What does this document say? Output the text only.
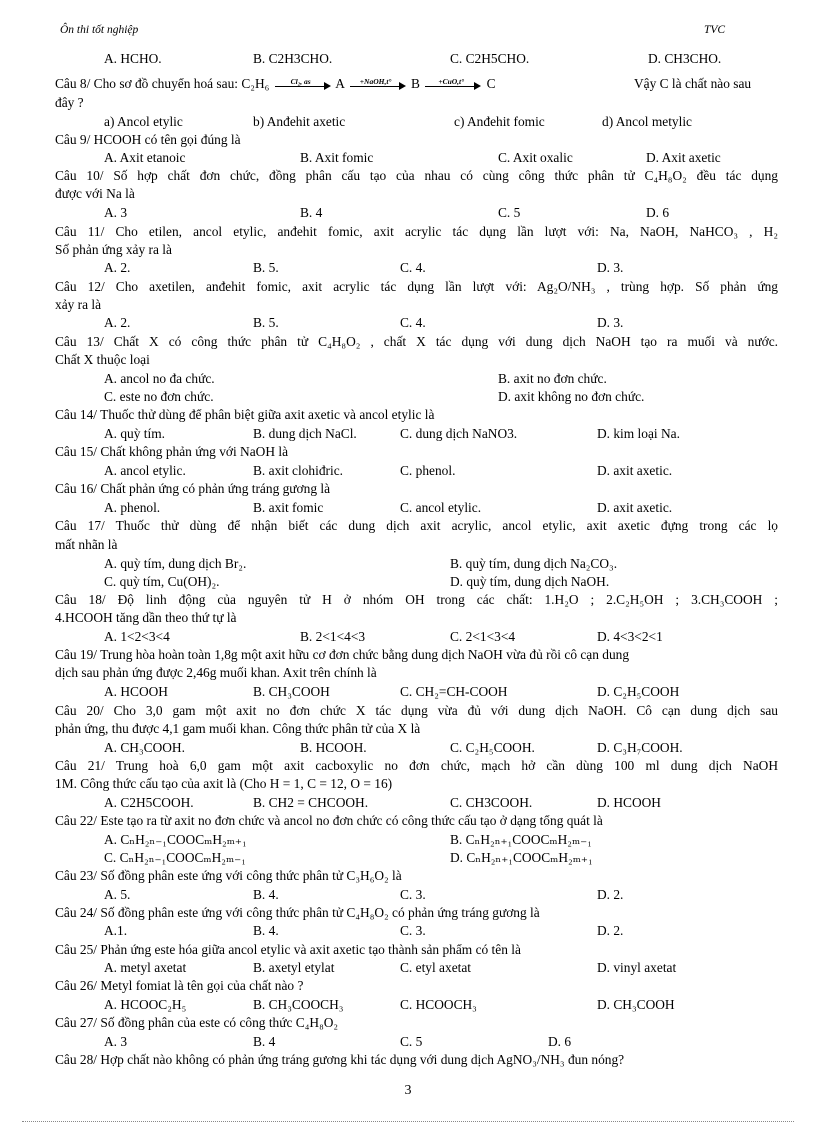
Ôn thi tốt nghiệp	TVC
A. HCHO.	B. C2H3CHO.	C. C2H5CHO.	D. CH3CHO.
Câu 8/ Cho sơ đồ chuyển hoá sau: C₂H₆	Cl₂, as	A	+NaOH,t°	B	+CuO,t°	C	Vậy C là chất nào sau
đây ?
a) Ancol etylic	b) Anđehit axetic	c) Anđehit fomic	d) Ancol metylic
Câu 9/ HCOOH có tên gọi đúng là
A. Axit etanoic	B. Axit fomic	C. Axit oxalic	D. Axit axetic
Câu 10/ Số hợp chất đơn chức, đồng phân cấu tạo của nhau có cùng công thức phân tử C₄H₈O₂ đều tác dụng
được với Na là
A. 3	B. 4	C. 5	D. 6
Câu 11/ Cho etilen, ancol etylic, anđehit fomic, axit acrylic tác dụng lần lượt với: Na, NaOH, NaHCO₃ , H₂
Số phản ứng xảy ra là
A. 2.	B. 5.	C. 4.	D. 3.
Câu 12/ Cho axetilen, anđehit fomic, axit acrylic tác dụng lần lượt với: Ag₂O/NH₃ , trùng hợp. Số phản ứng
xảy ra là
A. 2.	B. 5.	C. 4.	D. 3.
Câu 13/ Chất X có công thức phân tử C₄H₈O₂ , chất X tác dụng với dung dịch NaOH tạo ra muối và nước.
Chất X thuộc loại
A. ancol no đa chức.	B. axit no đơn chức.
C. este no đơn chức.	D. axit không no đơn chức.
Câu 14/ Thuốc thử dùng để phân biệt giữa axit axetic và ancol etylic là
A. quỳ tím.	B. dung dịch NaCl.	C. dung dịch NaNO3.	D. kim loại Na.
Câu 15/ Chất không phản ứng với NaOH là
A. ancol etylic.	B. axit clohiđric.	C. phenol.	D. axit axetic.
Câu 16/ Chất phản ứng có phản ứng tráng gương là
A. phenol.	B. axit fomic	C. ancol etylic.	D. axit axetic.
Câu 17/ Thuốc thử dùng để nhận biết các dung dịch axit acrylic, ancol etylic, axit axetic đựng trong các lọ
mất nhãn là
A. quỳ tím, dung dịch Br₂.	B. quỳ tím, dung dịch Na₂CO₃.
C. quỳ tím, Cu(OH)₂.	D. quỳ tím, dung dịch NaOH.
Câu 18/ Độ linh động của nguyên tử H ở nhóm OH trong các chất: 1.H₂O ; 2.C₂H₅OH ; 3.CH₃COOH ;
4.HCOOH tăng dần theo thứ tự là
A. 1<2<3<4	B. 2<1<4<3	C. 2<1<3<4	D. 4<3<2<1
Câu 19/ Trung hòa hoàn toàn 1,8g một axit hữu cơ đơn chức bằng dung dịch NaOH vừa đủ rồi cô cạn dung
dịch sau phản ứng được 2,46g muối khan. Axit trên chính là
A. HCOOH	B. CH₃COOH	C. CH₂=CH-COOH	D. C₂H₅COOH
Câu 20/ Cho 3,0 gam một axit no đơn chức X tác dụng vừa đủ với dung dịch NaOH. Cô cạn dung dịch sau
phản ứng, thu được 4,1 gam muối khan. Công thức phân tử của X là
A. CH₃COOH.	B. HCOOH.	C. C₂H₅COOH.	D. C₃H₇COOH.
Câu 21/ Trung hoà 6,0 gam một axit cacboxylic no đơn chức, mạch hở cần dùng 100 ml dung dịch NaOH
1M. Công thức cấu tạo của axit là (Cho H = 1, C = 12, O = 16)
A. C2H5COOH.	B. CH2 = CHCOOH.	C. CH3COOH.	D. HCOOH
Câu 22/ Este tạo ra từ axit no đơn chức và ancol no đơn chức có công thức cấu tạo ở dạng tổng quát là
A. CₙH₂ₙ₋₁COOCₘH₂ₘ₊₁	B. CₙH₂ₙ₊₁COOCₘH₂ₘ₋₁
C. CₙH₂ₙ₋₁COOCₘH₂ₘ₋₁	D. CₙH₂ₙ₊₁COOCₘH₂ₘ₊₁
Câu 23/ Số đồng phân este ứng với công thức phân tử C₃H₆O₂ là
A. 5.	B. 4.	C. 3.	D. 2.
Câu 24/ Số đồng phân este ứng với công thức phân tử C₄H₈O₂ có phản ứng tráng gương là
A.1.	B. 4.	C. 3.	D. 2.
Câu 25/ Phản ứng este hóa giữa ancol etylic và axit axetic tạo thành sản phẩm có tên là
A. metyl axetat	B. axetyl etylat	C. etyl axetat	D. vinyl axetat
Câu 26/ Metyl fomiat là tên gọi của chất nào ?
A. HCOOC₂H₅	B. CH₃COOCH₃	C. HCOOCH₃	D. CH₃COOH
Câu 27/ Số đồng phân của este có công thức C₄H₈O₂
A. 3	B. 4	C. 5	D. 6
Câu 28/ Hợp chất nào không có phản ứng tráng gương khi tác dụng với dung dịch AgNO₃/NH₃ đun nóng?
3
